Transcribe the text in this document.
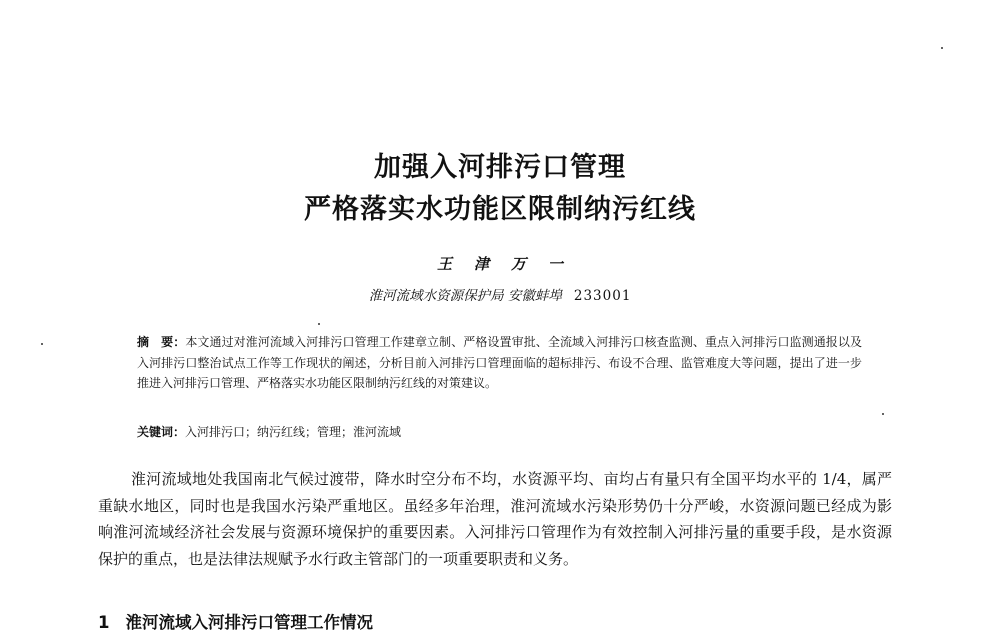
加强入河排污口管理
严格落实水功能区限制纳污红线
王津万一
淮河流域水资源保护局 安徽蚌埠 233001
摘　要：本文通过对淮河流域入河排污口管理工作建章立制、严格设置审批、全流域入河排污口核查监测、重点入河排污口监测通报以及入河排污口整治试点工作等工作现状的阐述，分析目前入河排污口管理面临的超标排污、布设不合理、监管难度大等问题，提出了进一步推进入河排污口管理、严格落实水功能区限制纳污红线的对策建议。
关键词：入河排污口；纳污红线；管理；淮河流域
淮河流域地处我国南北气候过渡带，降水时空分布不均，水资源平均、亩均占有量只有全国平均水平的 1/4，属严重缺水地区，同时也是我国水污染严重地区。虽经多年治理，淮河流域水污染形势仍十分严峻，水资源问题已经成为影响淮河流域经济社会发展与资源环境保护的重要因素。入河排污口管理作为有效控制入河排污量的重要手段，是水资源保护的重点，也是法律法规赋予水行政主管部门的一项重要职责和义务。
1 淮河流域入河排污口管理工作情况
